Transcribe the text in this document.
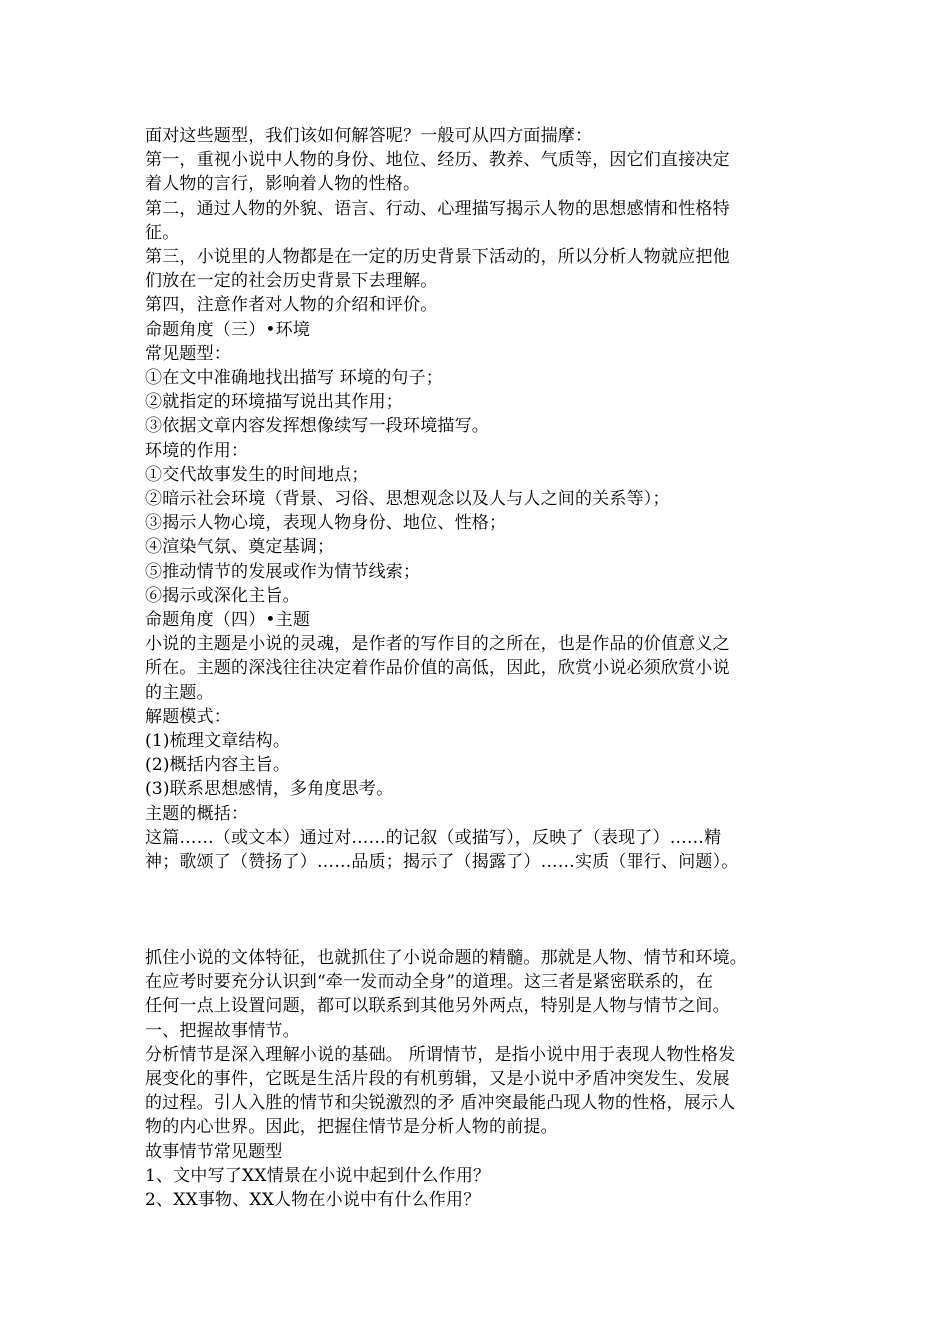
面对这些题型，我们该如何解答呢？一般可从四方面揣摩：
第一，重视小说中人物的身份、地位、经历、教养、气质等，因它们直接决定
着人物的言行，影响着人物的性格。
第二，通过人物的外貌、语言、行动、心理描写揭示人物的思想感情和性格特
征。
第三，小说里的人物都是在一定的历史背景下活动的，所以分析人物就应把他
们放在一定的社会历史背景下去理解。
第四，注意作者对人物的介绍和评价。
命题角度（三）•环境
常见题型：
①在文中准确地找出描写 环境的句子；
②就指定的环境描写说出其作用；
③依据文章内容发挥想像续写一段环境描写。
环境的作用：
①交代故事发生的时间地点；
②暗示社会环境（背景、习俗、思想观念以及人与人之间的关系等）；
③揭示人物心境，表现人物身份、地位、性格；
④渲染气氛、奠定基调；
⑤推动情节的发展或作为情节线索；
⑥揭示或深化主旨。
命题角度（四）•主题
小说的主题是小说的灵魂，是作者的写作目的之所在，也是作品的价值意义之
所在。主题的深浅往往决定着作品价值的高低，因此，欣赏小说必须欣赏小说
的主题。
解题模式：
(1)梳理文章结构。
(2)概括内容主旨。
(3)联系思想感情，多角度思考。
主题的概括：
这篇……（或文本）通过对……的记叙（或描写），反映了（表现了）……精
神；歌颂了（赞扬了）……品质；揭示了（揭露了）……实质（罪行、问题）。
抓住小说的文体特征，也就抓住了小说命题的精髓。那就是人物、情节和环境。
在应考时要充分认识到“牵一发而动全身”的道理。这三者是紧密联系的，在
任何一点上设置问题，都可以联系到其他另外两点，特别是人物与情节之间。
一、把握故事情节。
分析情节是深入理解小说的基础。 所谓情节，是指小说中用于表现人物性格发
展变化的事件，它既是生活片段的有机剪辑，又是小说中矛盾冲突发生、发展
的过程。引人入胜的情节和尖锐激烈的矛 盾冲突最能凸现人物的性格，展示人
物的内心世界。因此，把握住情节是分析人物的前提。
故事情节常见题型
1、文中写了XX情景在小说中起到什么作用？
2、XX事物、XX人物在小说中有什么作用？
